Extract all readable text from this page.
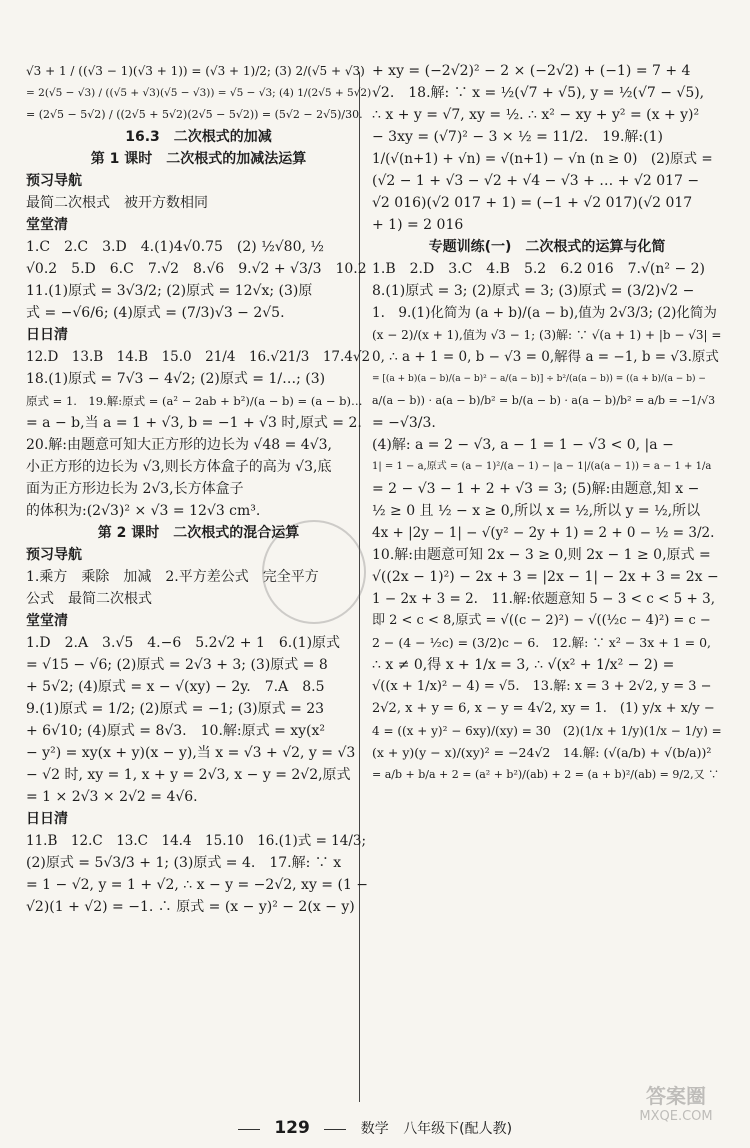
√3 + 1 / ((√3 − 1)(√3 + 1)) = (√3 + 1)/2; (3) 2/(√5 + √3)

= 2(√5 − √3) / ((√5 + √3)(√5 − √3)) = √5 − √3; (4) 1/(2√5 + 5√2)

= (2√5 − 5√2) / ((2√5 + 5√2)(2√5 − 5√2)) = (5√2 − 2√5)/30.

16.3　二次根式的加减

第 1 课时　二次根式的加减法运算

预习导航

最简二次根式　被开方数相同

堂堂清

1.C　2.C　3.D　4.(1)4√0.75　(2) ½√80, ½

√0.2　5.D　6.C　7.√2　8.√6　9.√2 + √3/3　10.2

11.(1)原式 = 3√3/2; (2)原式 = 12√x; (3)原

式 = −√6/6; (4)原式 = (7/3)√3 − 2√5.

日日清

12.D　13.B　14.B　15.0　21/4　16.√21/3　17.4√2

18.(1)原式 = 7√3 − 4√2; (2)原式 = 1/…; (3)

原式 = 1.　19.解:原式 = (a² − 2ab + b²)/(a − b) = (a − b)…

= a − b,当 a = 1 + √3, b = −1 + √3 时,原式 = 2.

20.解:由题意可知大正方形的边长为 √48 = 4√3,

小正方形的边长为 √3,则长方体盒子的高为 √3,底

面为正方形边长为 2√3,长方体盒子

的体积为:(2√3)² × √3 = 12√3 cm³.

第 2 课时　二次根式的混合运算

预习导航

1.乘方　乘除　加减　2.平方差公式　完全平方

公式　最简二次根式

堂堂清

1.D　2.A　3.√5　4.−6　5.2√2 + 1　6.(1)原式

= √15 − √6; (2)原式 = 2√3 + 3; (3)原式 = 8

+ 5√2; (4)原式 = x − √(xy) − 2y.　7.A　8.5

9.(1)原式 = 1/2; (2)原式 = −1; (3)原式 = 23

+ 6√10; (4)原式 = 8√3.　10.解:原式 = xy(x²

− y²) = xy(x + y)(x − y),当 x = √3 + √2, y = √3

− √2 时, xy = 1, x + y = 2√3, x − y = 2√2,原式

= 1 × 2√3 × 2√2 = 4√6.

日日清

11.B　12.C　13.C　14.4　15.10　16.(1)式 = 14/3;

(2)原式 = 5√3/3 + 1; (3)原式 = 4.　17.解: ∵ x

= 1 − √2, y = 1 + √2, ∴ x − y = −2√2, xy = (1 −

√2)(1 + √2) = −1. ∴ 原式 = (x − y)² − 2(x − y)

+ xy = (−2√2)² − 2 × (−2√2) + (−1) = 7 + 4

√2.　18.解: ∵ x = ½(√7 + √5), y = ½(√7 − √5),

∴ x + y = √7, xy = ½. ∴ x² − xy + y² = (x + y)²

− 3xy = (√7)² − 3 × ½ = 11/2.　19.解:(1)

1/(√(n+1) + √n) = √(n+1) − √n (n ≥ 0)　(2)原式 =

(√2 − 1 + √3 − √2 + √4 − √3 + … + √2 017 −

√2 016)(√2 017 + 1) = (−1 + √2 017)(√2 017

+ 1) = 2 016

专题训练(一)　二次根式的运算与化简

1.B　2.D　3.C　4.B　5.2　6.2 016　7.√(n² − 2)

8.(1)原式 = 3; (2)原式 = 3; (3)原式 = (3/2)√2 −

1.　9.(1)化简为 (a + b)/(a − b),值为 2√3/3; (2)化简为

(x − 2)/(x + 1),值为 √3 − 1; (3)解: ∵ √(a + 1) + |b − √3| =

0, ∴ a + 1 = 0, b − √3 = 0,解得 a = −1, b = √3.原式

= [(a + b)(a − b)/(a − b)² − a/(a − b)] ÷ b²/(a(a − b)) = ((a + b)/(a − b) −

a/(a − b)) · a(a − b)/b² = b/(a − b) · a(a − b)/b² = a/b = −1/√3

= −√3/3.

(4)解: a = 2 − √3, a − 1 = 1 − √3 < 0, |a −

1| = 1 − a,原式 = (a − 1)²/(a − 1) − |a − 1|/(a(a − 1)) = a − 1 + 1/a

= 2 − √3 − 1 + 2 + √3 = 3; (5)解:由题意,知 x −

½ ≥ 0 且 ½ − x ≥ 0,所以 x = ½,所以 y = ½,所以

4x + |2y − 1| − √(y² − 2y + 1) = 2 + 0 − ½ = 3/2.

10.解:由题意可知 2x − 3 ≥ 0,则 2x − 1 ≥ 0,原式 =

√((2x − 1)²) − 2x + 3 = |2x − 1| − 2x + 3 = 2x −

1 − 2x + 3 = 2.　11.解:依题意知 5 − 3 < c < 5 + 3,

即 2 < c < 8,原式 = √((c − 2)²) − √((½c − 4)²) = c −

2 − (4 − ½c) = (3/2)c − 6.　12.解: ∵ x² − 3x + 1 = 0,

∴ x ≠ 0,得 x + 1/x = 3, ∴ √(x² + 1/x² − 2) =

√((x + 1/x)² − 4) = √5.　13.解: x = 3 + 2√2, y = 3 −

2√2, x + y = 6, x − y = 4√2, xy = 1.　(1) y/x + x/y −

4 = ((x + y)² − 6xy)/(xy) = 30　(2)(1/x + 1/y)(1/x − 1/y) =

(x + y)(y − x)/(xy)² = −24√2　14.解: (√(a/b) + √(b/a))²

= a/b + b/a + 2 = (a² + b²)/(ab) + 2 = (a + b)²/(ab) = 9/2,又 ∵

129	数学 八年级下(配人教)
答案圈
MXQE.COM
